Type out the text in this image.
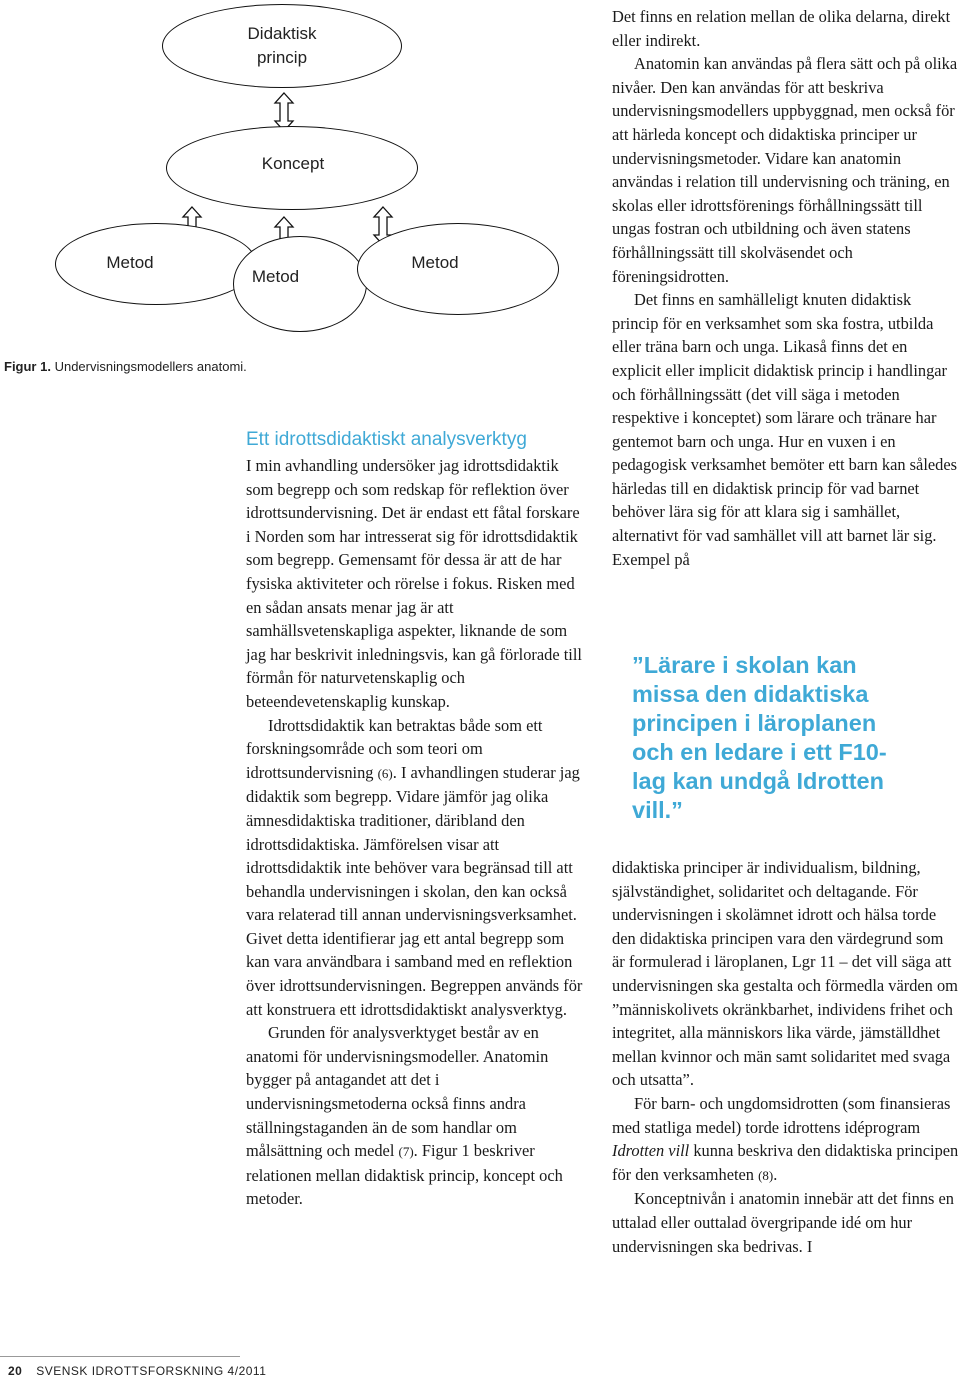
Didaktisk
princip
Koncept
Metod
Metod
Metod
Figur 1. Undervisningsmodellers anatomi.
Ett idrottsdidaktiskt analysverktyg

I min avhandling undersöker jag idrottsdidaktik som begrepp och som redskap för reflektion över idrottsundervisning. Det är endast ett fåtal forskare i Norden som har intresserat sig för idrottsdidaktik som begrepp. Gemensamt för dessa är att de har fysiska aktiviteter och rörelse i fokus. Risken med en sådan ansats menar jag är att samhällsvetenskapliga aspekter, liknande de som jag har beskrivit inledningsvis, kan gå förlorade till förmån för naturvetenskaplig och beteendevetenskaplig kunskap.

Idrottsdidaktik kan betraktas både som ett forskningsområde och som teori om idrottsundervisning (6). I avhandlingen studerar jag didaktik som begrepp. Vidare jämför jag olika ämnesdidaktiska traditioner, däribland den idrottsdidaktiska. Jämförelsen visar att idrottsdidaktik inte behöver vara begränsad till att behandla undervisningen i skolan, den kan också vara relaterad till annan undervisningsverksamhet. Givet detta identifierar jag ett antal begrepp som kan vara användbara i samband med en reflektion över idrottsundervisningen. Begreppen används för att konstruera ett idrottsdidaktiskt analysverktyg.

Grunden för analysverktyget består av en anatomi för undervisningsmodeller. Anatomin bygger på antagandet att det i undervisningsmetoderna också finns andra ställningstaganden än de som handlar om målsättning och medel (7). Figur 1 beskriver relationen mellan didaktisk princip, koncept och metoder.

Det finns en relation mellan de olika delarna, direkt eller indirekt.

Anatomin kan användas på flera sätt och på olika nivåer. Den kan användas för att beskriva undervisningsmodellers uppbyggnad, men också för att härleda koncept och didaktiska principer ur undervisningsmetoder. Vidare kan anatomin användas i relation till undervisning och träning, en skolas eller idrottsförenings förhållningssätt till ungas fostran och utbildning och även statens förhållningssätt till skolväsendet och föreningsidrotten.

Det finns en samhälleligt knuten didaktisk princip för en verksamhet som ska fostra, utbilda eller träna barn och unga. Likaså finns det en explicit eller implicit didaktisk princip i handlingar och förhållningssätt (det vill säga i metoden respektive i konceptet) som lärare och tränare har gentemot barn och unga. Hur en vuxen i en pedagogisk verksamhet bemöter ett barn kan således härledas till en didaktisk princip för vad barnet behöver lära sig för att klara sig i samhället, alternativt för vad samhället vill att barnet lär sig. Exempel på

”Lärare i skolan kan
missa den didaktiska
principen i läroplanen
och en ledare i ett F10-
lag kan undgå Idrotten
vill.”

didaktiska principer är individualism, bildning, självständighet, solidaritet och deltagande. För undervisningen i skolämnet idrott och hälsa torde den didaktiska principen vara den värdegrund som är formulerad i läroplanen, Lgr 11 – det vill säga att undervisningen ska gestalta och förmedla värden om ”människolivets okränkbarhet, individens frihet och integritet, alla människors lika värde, jämställdhet mellan kvinnor och män samt solidaritet med svaga och utsatta”.

För barn- och ungdomsidrotten (som finansieras med statliga medel) torde idrottens idéprogram Idrotten vill kunna beskriva den didaktiska principen för den verksamheten (8).

Konceptnivån i anatomin innebär att det finns en uttalad eller outtalad övergripande idé om hur undervisningen ska bedrivas. I

20 SVENSK IDROTTSFORSKNING 4/2011
